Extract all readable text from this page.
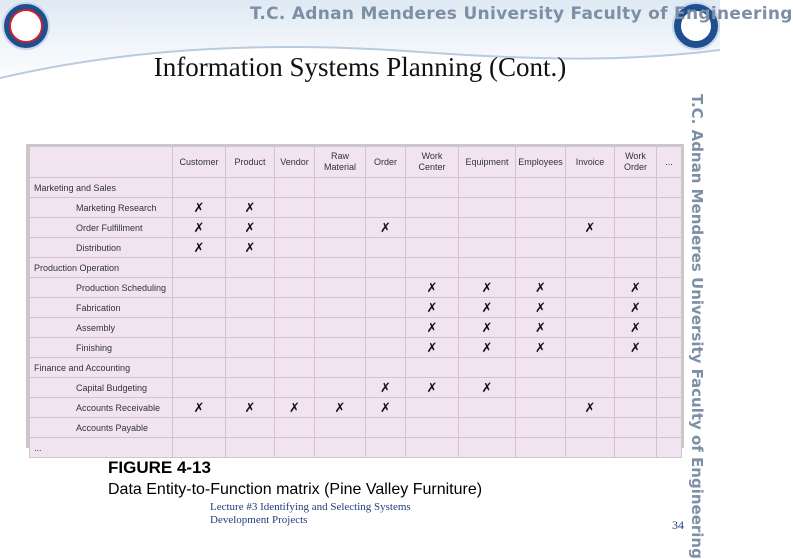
T.C. Adnan Menderes University Faculty of Engineering
Information Systems Planning (Cont.)
T.C. Adnan Menderes University Faculty of Engineering
	Customer	Product	Vendor	Raw
Material	Order	Work
Center	Equipment	Employees	Invoice	Work
Order	...
Marketing and Sales											
Marketing Research	✗	✗									
Order Fulfillment	✗	✗			✗				✗		
Distribution	✗	✗									
Production Operation											
Production Scheduling						✗	✗	✗		✗	
Fabrication						✗	✗	✗		✗	
Assembly						✗	✗	✗		✗	
Finishing						✗	✗	✗		✗	
Finance and Accounting											
Capital Budgeting					✗	✗	✗				
Accounts Receivable	✗	✗	✗	✗	✗				✗		
Accounts Payable											
...											
FIGURE 4-13
Data Entity-to-Function matrix (Pine Valley Furniture)
Lecture #3 Identifying and Selecting Systems
Development Projects	34
